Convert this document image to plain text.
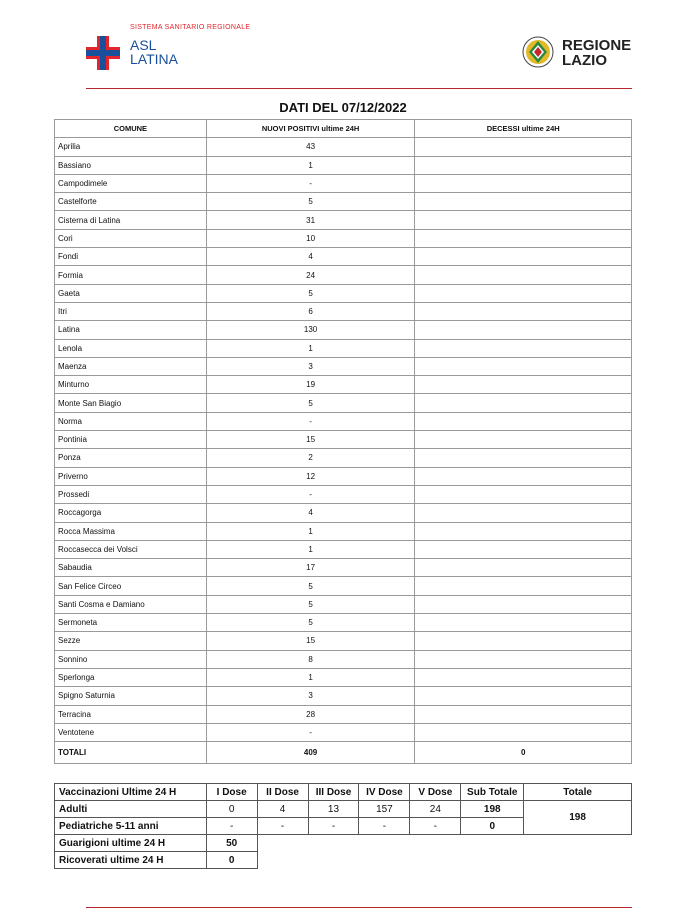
SISTEMA SANITARIO REGIONALE
ASL
LATINA
REGIONE
LAZIO
DATI DEL 07/12/2022
COMUNE	NUOVI POSITIVI ultime 24H	DECESSI ultime 24H
Aprilia	43	
Bassiano	1	
Campodimele	-	
Castelforte	5	
Cisterna di Latina	31	
Cori	10	
Fondi	4	
Formia	24	
Gaeta	5	
Itri	6	
Latina	130	
Lenola	1	
Maenza	3	
Minturno	19	
Monte San Biagio	5	
Norma	-	
Pontinia	15	
Ponza	2	
Priverno	12	
Prossedi	-	
Roccagorga	4	
Rocca Massima	1	
Roccasecca dei Volsci	1	
Sabaudia	17	
San Felice Circeo	5	
Santi Cosma e Damiano	5	
Sermoneta	5	
Sezze	15	
Sonnino	8	
Sperlonga	1	
Spigno Saturnia	3	
Terracina	28	
Ventotene	-	
TOTALI	409	0
Vaccinazioni Ultime 24 H	I Dose	II Dose	III Dose	IV Dose	V Dose	Sub Totale	Totale
Adulti	0	4	13	157	24	198	198
Pediatriche 5-11 anni	-	-	-	-	-	0	
Guarigioni ultime 24 H	50						
Ricoverati ultime 24 H	0						
